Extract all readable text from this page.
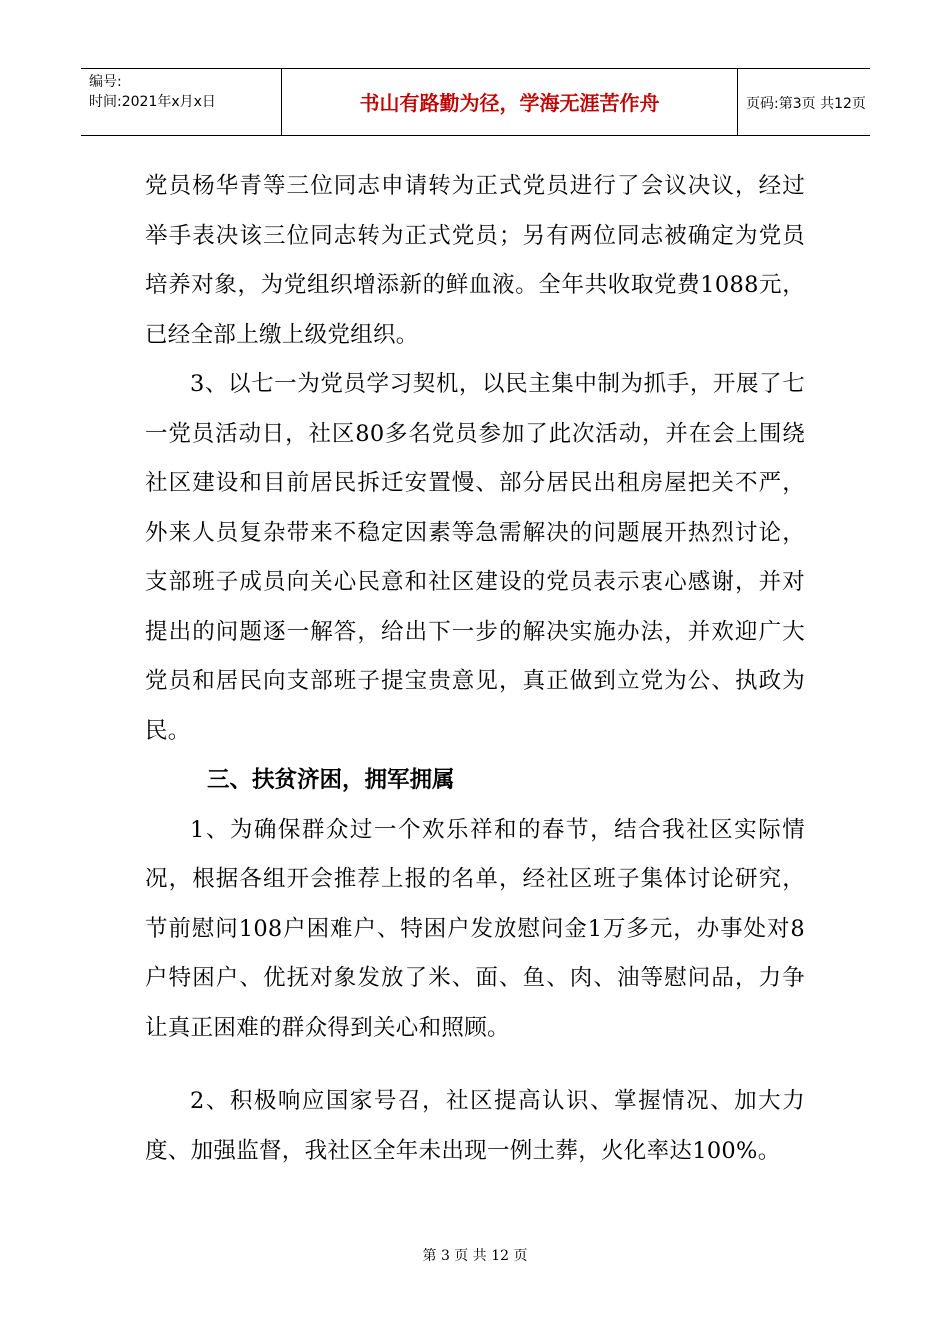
编号:
时间:2021年x月x日	书山有路勤为径，学海无涯苦作舟	页码:第3页 共12页

党员杨华青等三位同志申请转为正式党员进行了会议决议，经过举手表决该三位同志转为正式党员；另有两位同志被确定为党员培养对象，为党组织增添新的鲜血液。全年共收取党费1088元，已经全部上缴上级党组织。

3、以七一为党员学习契机，以民主集中制为抓手，开展了七一党员活动日，社区80多名党员参加了此次活动，并在会上围绕社区建设和目前居民拆迁安置慢、部分居民出租房屋把关不严，外来人员复杂带来不稳定因素等急需解决的问题展开热烈讨论，支部班子成员向关心民意和社区建设的党员表示衷心感谢，并对提出的问题逐一解答，给出下一步的解决实施办法，并欢迎广大党员和居民向支部班子提宝贵意见，真正做到立党为公、执政为民。

三、扶贫济困，拥军拥属

1、为确保群众过一个欢乐祥和的春节，结合我社区实际情况，根据各组开会推荐上报的名单，经社区班子集体讨论研究，节前慰问108户困难户、特困户发放慰问金1万多元，办事处对8户特困户、优抚对象发放了米、面、鱼、肉、油等慰问品，力争让真正困难的群众得到关心和照顾。

2、积极响应国家号召，社区提高认识、掌握情况、加大力度、加强监督，我社区全年未出现一例土葬，火化率达100%。

第 3 页 共 12 页
